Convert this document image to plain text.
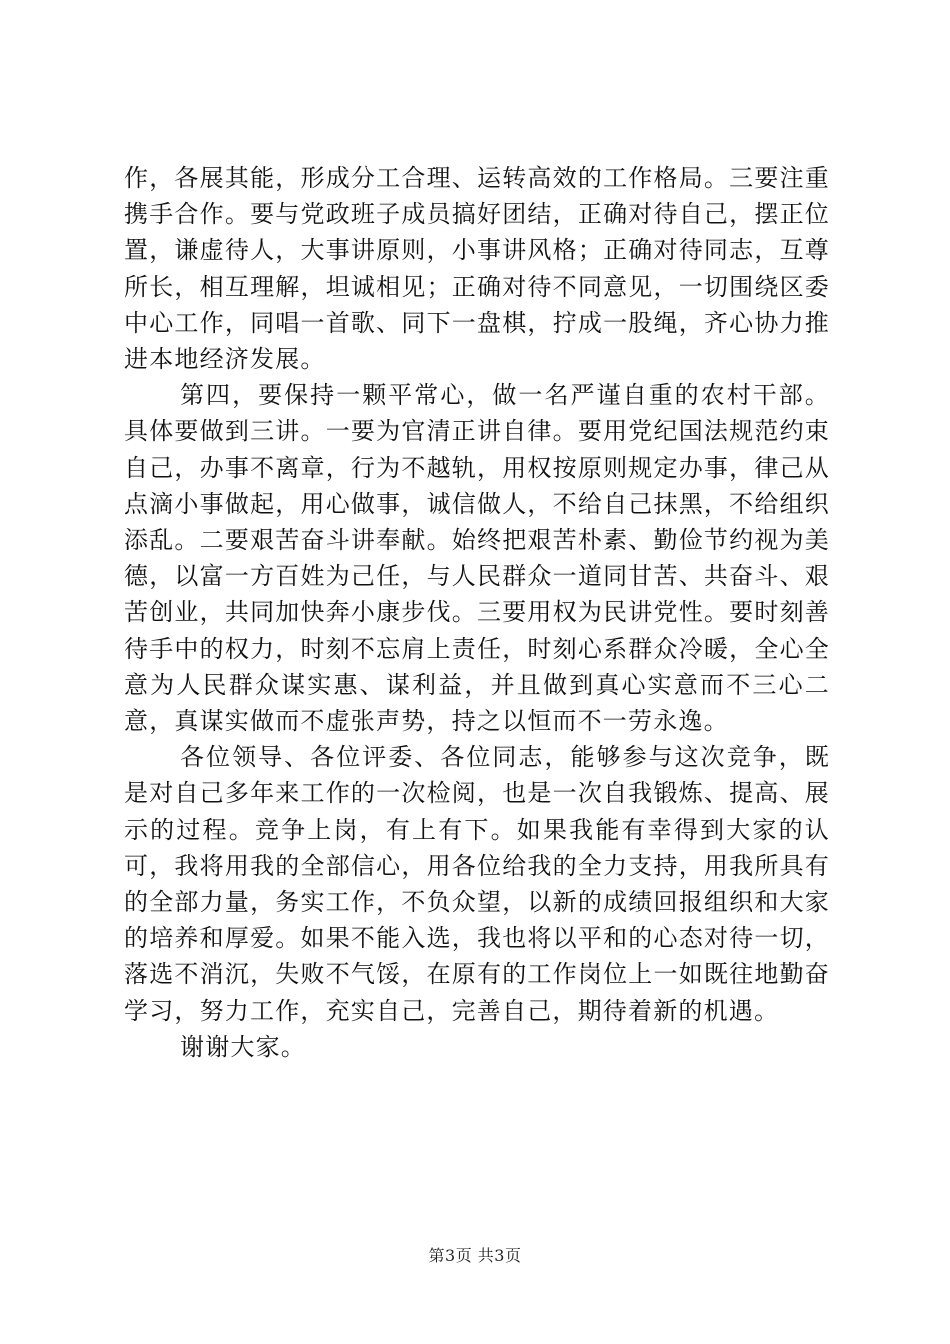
作，各展其能，形成分工合理、运转高效的工作格局。三要注重携手合作。要与党政班子成员搞好团结，正确对待自己，摆正位置，谦虚待人，大事讲原则，小事讲风格；正确对待同志，互尊所长，相互理解，坦诚相见；正确对待不同意见，一切围绕区委中心工作，同唱一首歌、同下一盘棋，拧成一股绳，齐心协力推进本地经济发展。

第四，要保持一颗平常心，做一名严谨自重的农村干部。具体要做到三讲。一要为官清正讲自律。要用党纪国法规范约束自己，办事不离章，行为不越轨，用权按原则规定办事，律己从点滴小事做起，用心做事，诚信做人，不给自己抹黑，不给组织添乱。二要艰苦奋斗讲奉献。始终把艰苦朴素、勤俭节约视为美德，以富一方百姓为己任，与人民群众一道同甘苦、共奋斗、艰苦创业，共同加快奔小康步伐。三要用权为民讲党性。要时刻善待手中的权力，时刻不忘肩上责任，时刻心系群众冷暖，全心全意为人民群众谋实惠、谋利益，并且做到真心实意而不三心二意，真谋实做而不虚张声势，持之以恒而不一劳永逸。

各位领导、各位评委、各位同志，能够参与这次竞争，既是对自己多年来工作的一次检阅，也是一次自我锻炼、提高、展示的过程。竞争上岗，有上有下。如果我能有幸得到大家的认可，我将用我的全部信心，用各位给我的全力支持，用我所具有的全部力量，务实工作，不负众望，以新的成绩回报组织和大家的培养和厚爱。如果不能入选，我也将以平和的心态对待一切，落选不消沉，失败不气馁，在原有的工作岗位上一如既往地勤奋学习，努力工作，充实自己，完善自己，期待着新的机遇。

谢谢大家。

第3页 共3页
